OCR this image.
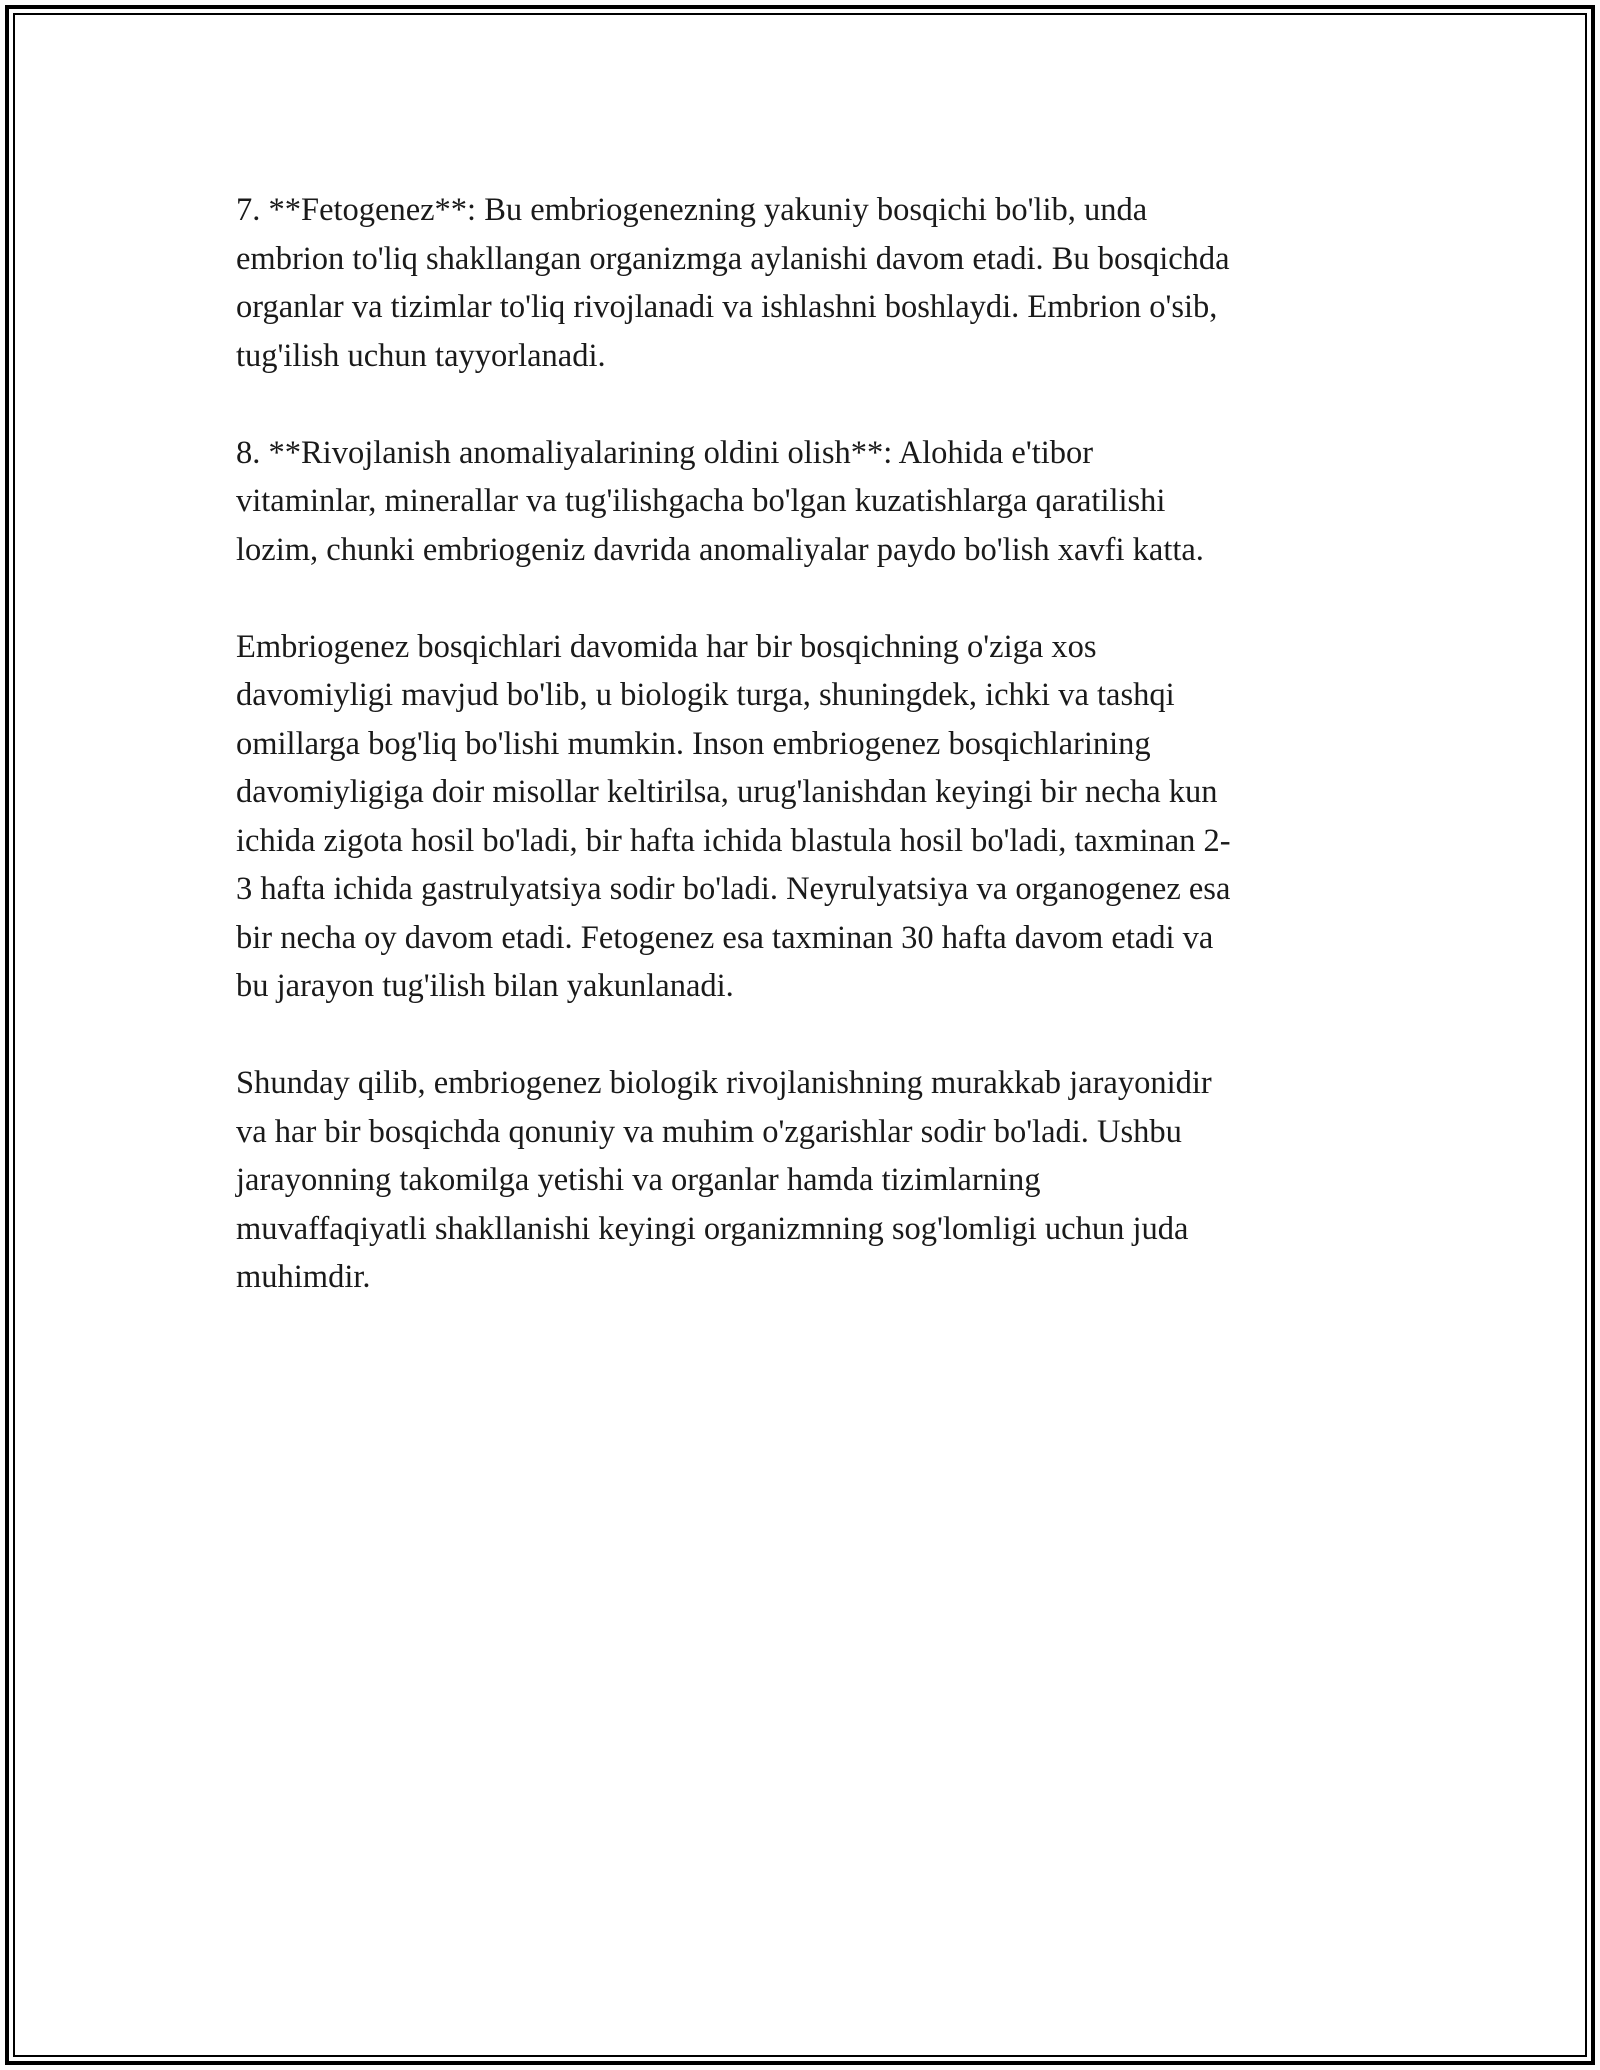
7. **Fetogenez**: Bu embriogenezning yakuniy bosqichi bo'lib, unda
embrion to'liq shakllangan organizmga aylanishi davom etadi. Bu bosqichda
organlar va tizimlar to'liq rivojlanadi va ishlashni boshlaydi. Embrion o'sib,
tug'ilish uchun tayyorlanadi.

8. **Rivojlanish anomaliyalarining oldini olish**: Alohida e'tibor
vitaminlar, minerallar va tug'ilishgacha bo'lgan kuzatishlarga qaratilishi
lozim, chunki embriogeniz davrida anomaliyalar paydo bo'lish xavfi katta.

Embriogenez bosqichlari davomida har bir bosqichning o'ziga xos
davomiyligi mavjud bo'lib, u biologik turga, shuningdek, ichki va tashqi
omillarga bog'liq bo'lishi mumkin. Inson embriogenez bosqichlarining
davomiyligiga doir misollar keltirilsa, urug'lanishdan keyingi bir necha kun
ichida zigota hosil bo'ladi, bir hafta ichida blastula hosil bo'ladi, taxminan 2-
3 hafta ichida gastrulyatsiya sodir bo'ladi. Neyrulyatsiya va organogenez esa
bir necha oy davom etadi. Fetogenez esa taxminan 30 hafta davom etadi va
bu jarayon tug'ilish bilan yakunlanadi.

Shunday qilib, embriogenez biologik rivojlanishning murakkab jarayonidir
va har bir bosqichda qonuniy va muhim o'zgarishlar sodir bo'ladi. Ushbu
jarayonning takomilga yetishi va organlar hamda tizimlarning
muvaffaqiyatli shakllanishi keyingi organizmning sog'lomligi uchun juda
muhimdir.
